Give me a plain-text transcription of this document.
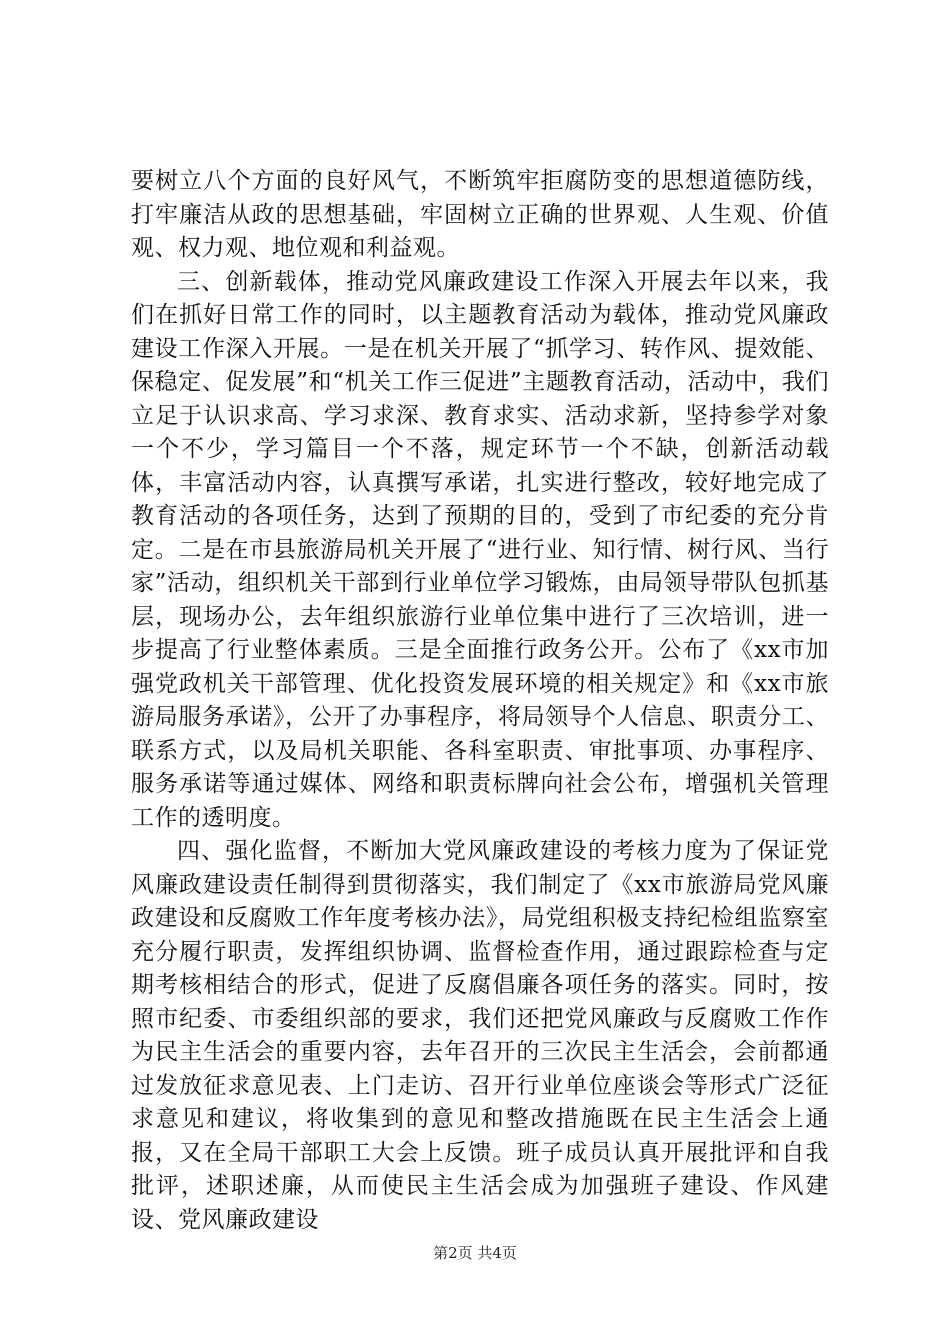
要树立八个方面的良好风气，不断筑牢拒腐防变的思想道德防线，打牢廉洁从政的思想基础，牢固树立正确的世界观、人生观、价值观、权力观、地位观和利益观。

三、创新载体，推动党风廉政建设工作深入开展去年以来，我们在抓好日常工作的同时，以主题教育活动为载体，推动党风廉政建设工作深入开展。一是在机关开展了“抓学习、转作风、提效能、保稳定、促发展”和“机关工作三促进”主题教育活动，活动中，我们立足于认识求高、学习求深、教育求实、活动求新，坚持参学对象一个不少，学习篇目一个不落，规定环节一个不缺，创新活动载体，丰富活动内容，认真撰写承诺，扎实进行整改，较好地完成了教育活动的各项任务，达到了预期的目的，受到了市纪委的充分肯定。二是在市县旅游局机关开展了“进行业、知行情、树行风、当行家”活动，组织机关干部到行业单位学习锻炼，由局领导带队包抓基层，现场办公，去年组织旅游行业单位集中进行了三次培训，进一步提高了行业整体素质。三是全面推行政务公开。公布了《xx市加强党政机关干部管理、优化投资发展环境的相关规定》和《xx市旅游局服务承诺》，公开了办事程序，将局领导个人信息、职责分工、联系方式，以及局机关职能、各科室职责、审批事项、办事程序、服务承诺等通过媒体、网络和职责标牌向社会公布，增强机关管理工作的透明度。

四、强化监督，不断加大党风廉政建设的考核力度为了保证党风廉政建设责任制得到贯彻落实，我们制定了《xx市旅游局党风廉政建设和反腐败工作年度考核办法》，局党组积极支持纪检组监察室充分履行职责，发挥组织协调、监督检查作用，通过跟踪检查与定期考核相结合的形式，促进了反腐倡廉各项任务的落实。同时，按照市纪委、市委组织部的要求，我们还把党风廉政与反腐败工作作为民主生活会的重要内容，去年召开的三次民主生活会，会前都通过发放征求意见表、上门走访、召开行业单位座谈会等形式广泛征求意见和建议，将收集到的意见和整改措施既在民主生活会上通报，又在全局干部职工大会上反馈。班子成员认真开展批评和自我批评，述职述廉，从而使民主生活会成为加强班子建设、作风建设、党风廉政建设

第2页 共4页
